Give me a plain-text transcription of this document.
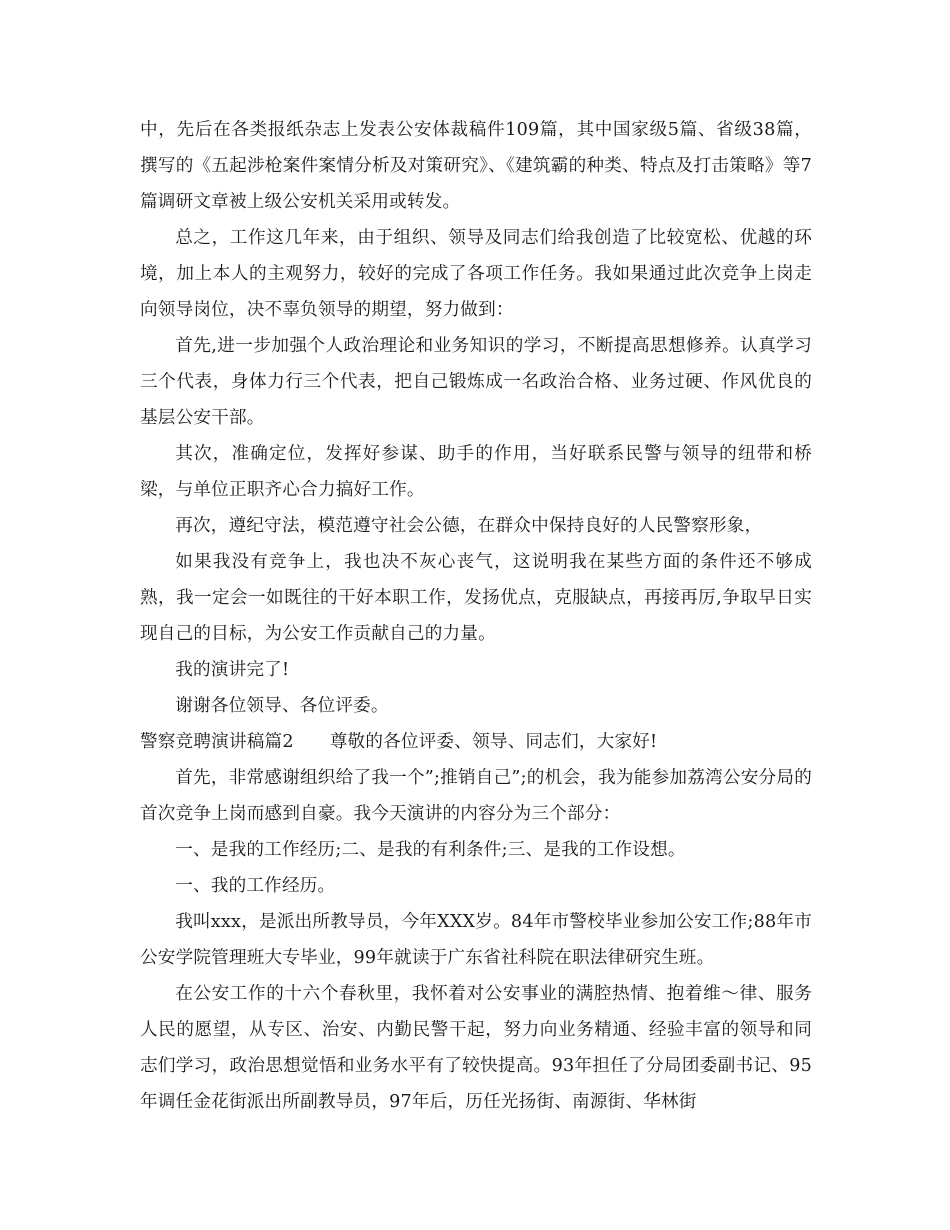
中，先后在各类报纸杂志上发表公安体裁稿件109篇，其中国家级5篇、省级38篇，撰写的《五起涉枪案件案情分析及对策研究》、《建筑霸的种类、特点及打击策略》等7篇调研文章被上级公安机关采用或转发。

总之，工作这几年来，由于组织、领导及同志们给我创造了比较宽松、优越的环境，加上本人的主观努力，较好的完成了各项工作任务。我如果通过此次竞争上岗走向领导岗位，决不辜负领导的期望，努力做到：

首先,进一步加强个人政治理论和业务知识的学习，不断提高思想修养。认真学习三个代表，身体力行三个代表，把自己锻炼成一名政治合格、业务过硬、作风优良的基层公安干部。

其次，准确定位，发挥好参谋、助手的作用，当好联系民警与领导的纽带和桥梁，与单位正职齐心合力搞好工作。

再次，遵纪守法，模范遵守社会公德，在群众中保持良好的人民警察形象，

如果我没有竞争上，我也决不灰心丧气，这说明我在某些方面的条件还不够成熟，我一定会一如既往的干好本职工作，发扬优点，克服缺点，再接再厉,争取早日实现自己的目标，为公安工作贡献自己的力量。

我的演讲完了!

谢谢各位领导、各位评委。

警察竞聘演讲稿篇2 尊敬的各位评委、领导、同志们，大家好!

首先，非常感谢组织给了我一个”;推销自己”;的机会，我为能参加荔湾公安分局的首次竞争上岗而感到自豪。我今天演讲的内容分为三个部分：

一、是我的工作经历;二、是我的有利条件;三、是我的工作设想。

一、我的工作经历。

我叫xxx，是派出所教导员，今年XXX岁。84年市警校毕业参加公安工作;88年市公安学院管理班大专毕业，99年就读于广东省社科院在职法律研究生班。

在公安工作的十六个春秋里，我怀着对公安事业的满腔热情、抱着维～律、服务人民的愿望，从专区、治安、内勤民警干起，努力向业务精通、经验丰富的领导和同志们学习，政治思想觉悟和业务水平有了较快提高。93年担任了分局团委副书记、95年调任金花街派出所副教导员，97年后，历任光扬街、南源街、华林街
